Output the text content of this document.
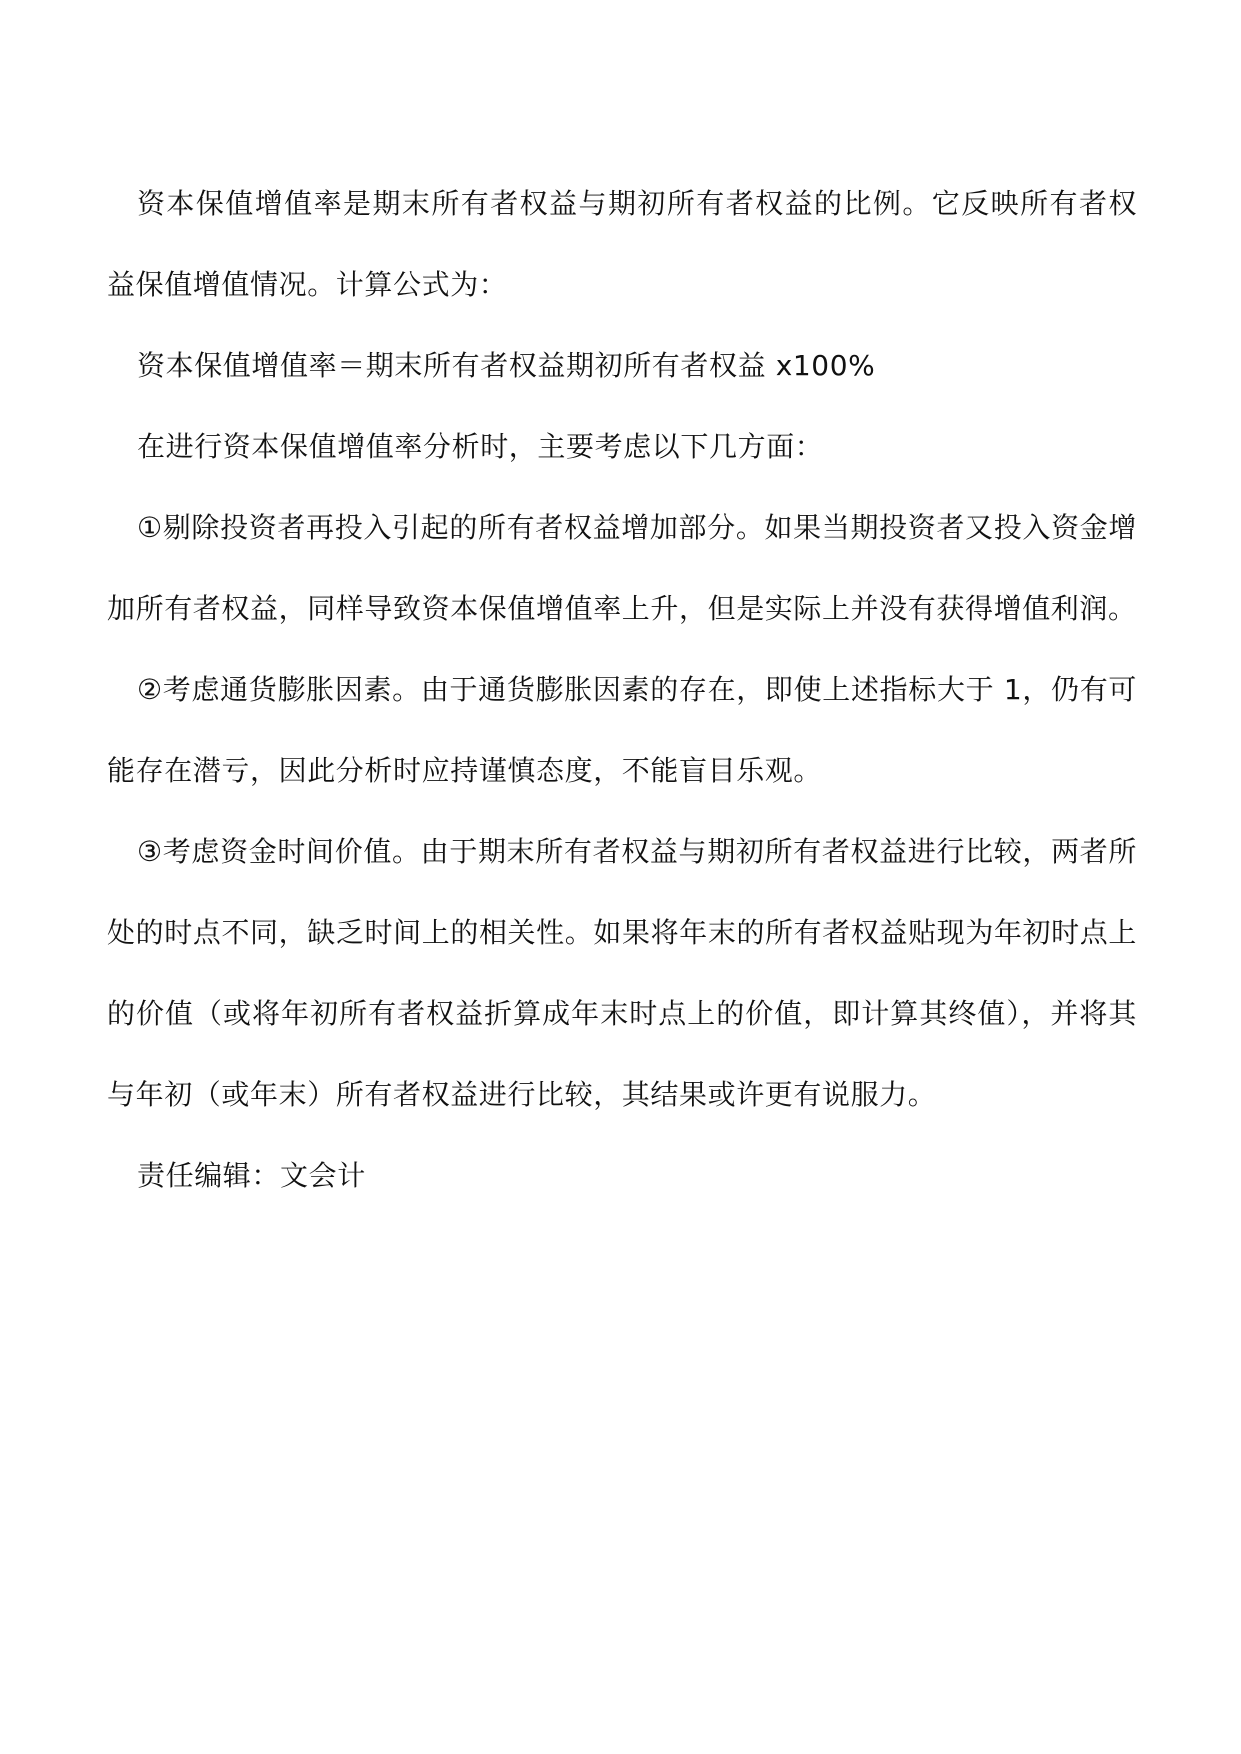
资本保值增值率是期末所有者权益与期初所有者权益的比例。它反映所有者权益保值增值情况。计算公式为：

资本保值增值率＝期末所有者权益期初所有者权益 x100%

在进行资本保值增值率分析时，主要考虑以下几方面：

①剔除投资者再投入引起的所有者权益增加部分。如果当期投资者又投入资金增加所有者权益，同样导致资本保值增值率上升，但是实际上并没有获得增值利润。

②考虑通货膨胀因素。由于通货膨胀因素的存在，即使上述指标大于 1，仍有可能存在潜亏，因此分析时应持谨慎态度，不能盲目乐观。

③考虑资金时间价值。由于期末所有者权益与期初所有者权益进行比较，两者所处的时点不同，缺乏时间上的相关性。如果将年末的所有者权益贴现为年初时点上的价值（或将年初所有者权益折算成年末时点上的价值，即计算其终值），并将其与年初（或年末）所有者权益进行比较，其结果或许更有说服力。

责任编辑：文会计
